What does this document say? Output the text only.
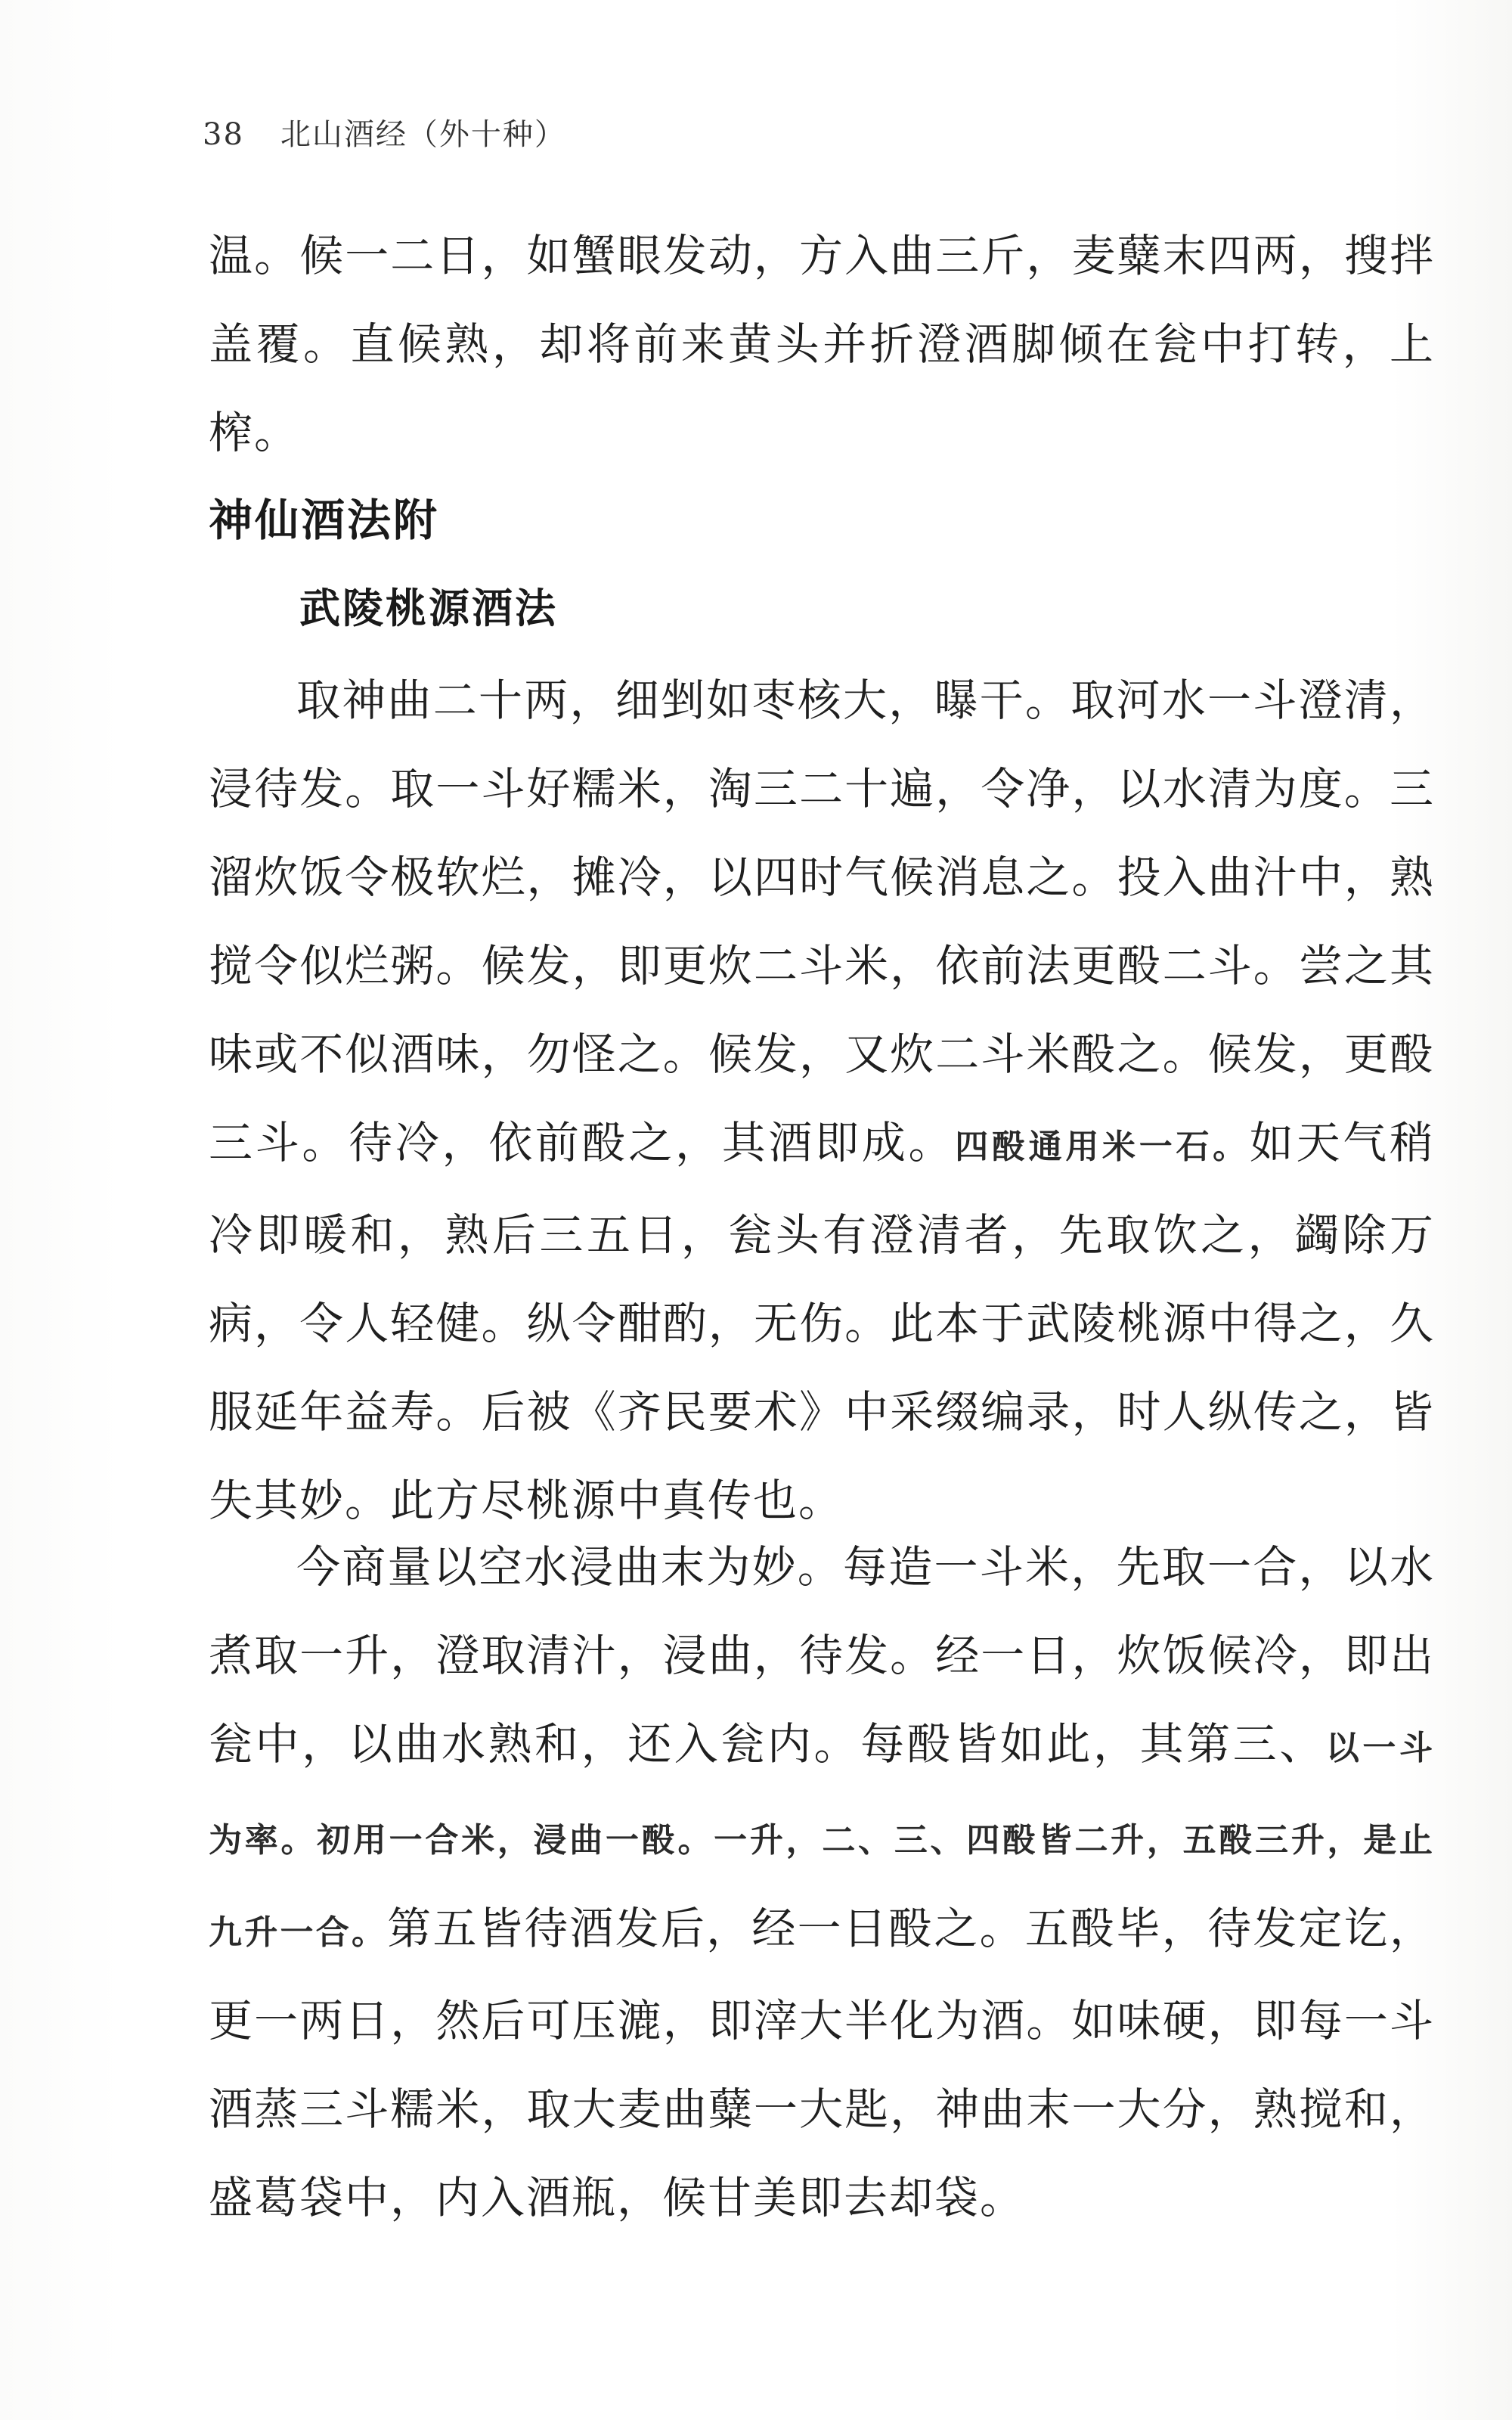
38 北山酒经（外十种）

温。候一二日，如蟹眼发动，方入曲三斤，麦糵末四两，搜拌盖覆。直候熟，却将前来黄头并折澄酒脚倾在瓮中打转，上榨。

神仙酒法附
武陵桃源酒法

取神曲二十两，细剉如枣核大，曝干。取河水一斗澄清，浸待发。取一斗好糯米，淘三二十遍，令净，以水清为度。三溜炊饭令极软烂，摊冷，以四时气候消息之。投入曲汁中，熟搅令似烂粥。候发，即更炊二斗米，依前法更酘二斗。尝之其味或不似酒味，勿怪之。候发，又炊二斗米酘之。候发，更酘三斗。待冷，依前酘之，其酒即成。四酘通用米一石。如天气稍冷即暖和，熟后三五日，瓮头有澄清者，先取饮之，蠲除万病，令人轻健。纵令酣酌，无伤。此本于武陵桃源中得之，久服延年益寿。后被《齐民要术》中采缀编录，时人纵传之，皆失其妙。此方尽桃源中真传也。

今商量以空水浸曲末为妙。每造一斗米，先取一合，以水煮取一升，澄取清汁，浸曲，待发。经一日，炊饭候冷，即出瓮中，以曲水熟和，还入瓮内。每酘皆如此，其第三、以一斗为率。初用一合米，浸曲一酘。一升，二、三、四酘皆二升，五酘三升，是止九升一合。第五皆待酒发后，经一日酘之。五酘毕，待发定讫，更一两日，然后可压漉，即滓大半化为酒。如味硬，即每一斗酒蒸三斗糯米，取大麦曲糵一大匙，神曲末一大分，熟搅和，盛葛袋中，内入酒瓶，候甘美即去却袋。
